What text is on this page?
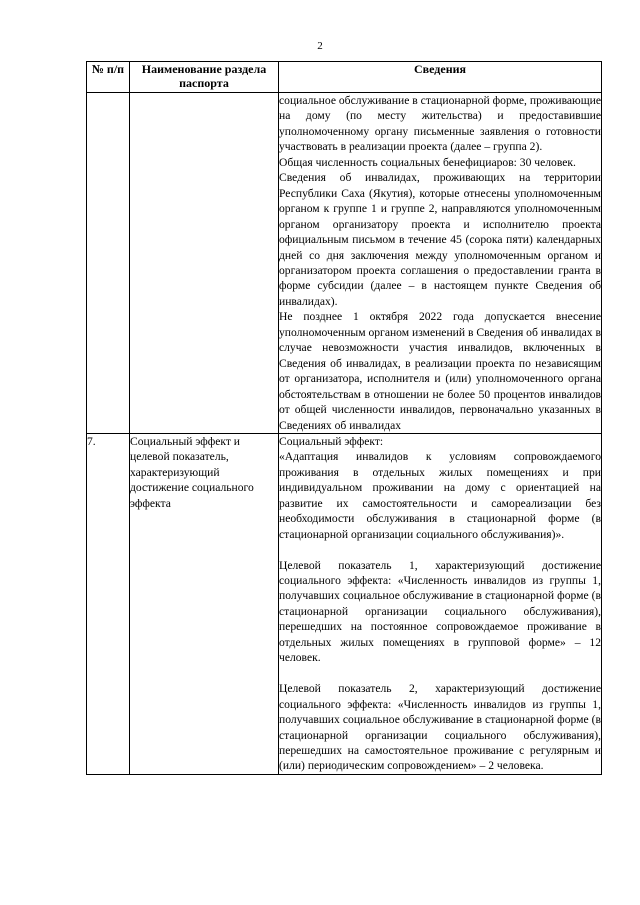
2
№ п/п	Наименование раздела паспорта	Сведения

		социальное обслуживание в стационарной форме, проживающие на дому (по месту жительства) и предоставившие уполномоченному органу письменные заявления о готовности участвовать в реализации проекта (далее – группа 2).

Общая численность социальных бенефициаров: 30 человек.

Сведения об инвалидах, проживающих на территории Республики Саха (Якутия), которые отнесены уполномоченным органом к группе 1 и группе 2, направляются уполномоченным органом организатору проекта и исполнителю проекта официальным письмом в течение 45 (сорока пяти) календарных дней со дня заключения между уполномоченным органом и организатором проекта соглашения о предоставлении гранта в форме субсидии (далее – в настоящем пункте Сведения об инвалидах).

Не позднее 1 октября 2022 года допускается внесение уполномоченным органом изменений в Сведения об инвалидах в случае невозможности участия инвалидов, включенных в Сведения об инвалидах, в реализации проекта по независящим от организатора, исполнителя и (или) уполномоченного органа обстоятельствам в отношении не более 50 процентов инвалидов от общей численности инвалидов, первоначально указанных в Сведениях об инвалидах

7.	Социальный эффект и целевой показатель, характеризующий достижение социального эффекта	Социальный эффект:

«Адаптация инвалидов к условиям сопровождаемого проживания в отдельных жилых помещениях и при индивидуальном проживании на дому с ориентацией на развитие их самостоятельности и самореализации без необходимости обслуживания в стационарной форме (в стационарной организации социального обслуживания)».

Целевой показатель 1, характеризующий достижение социального эффекта: «Численность инвалидов из группы 1, получавших социальное обслуживание в стационарной форме (в стационарной организации социального обслуживания), перешедших на постоянное сопровождаемое проживание в отдельных жилых помещениях в групповой форме» – 12 человек.

Целевой показатель 2, характеризующий достижение социального эффекта: «Численность инвалидов из группы 1, получавших социальное обслуживание в стационарной форме (в стационарной организации социального обслуживания), перешедших на самостоятельное проживание с регулярным и (или) периодическим сопровождением» – 2 человека.
